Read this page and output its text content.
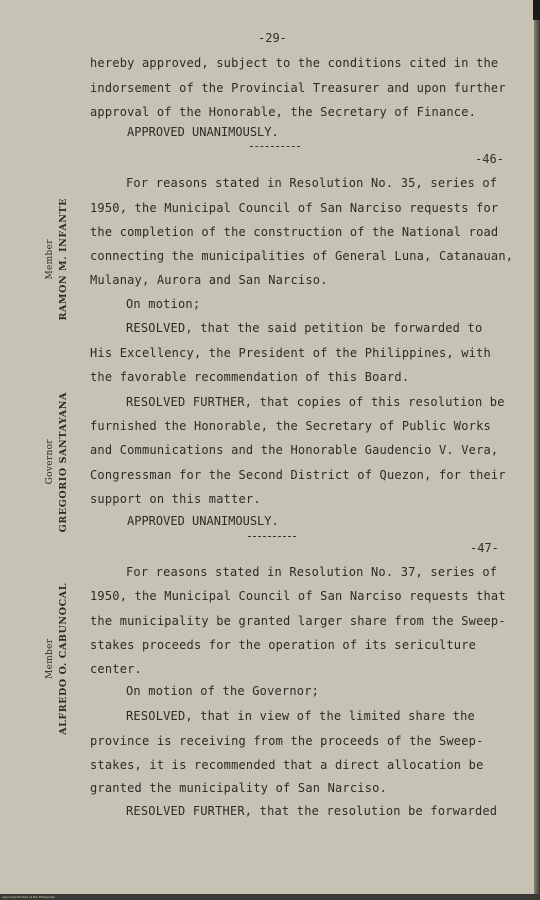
-29-
hereby approved, subject to the conditions cited in the
indorsement of the Provincial Treasurer and upon further
approval of the Honorable, the Secretary of Finance.
APPROVED UNANIMOUSLY.
-46-
For reasons stated in Resolution No. 35, series of
1950, the Municipal Council of San Narciso requests for
the completion of the construction of the National road
connecting the municipalities of General Luna, Catanauan,
Mulanay, Aurora and San Narciso.
On motion;
RESOLVED, that the said petition be forwarded to
His Excellency, the President of the Philippines, with
the favorable recommendation of this Board.
RESOLVED FURTHER, that copies of this resolution be
furnished the Honorable, the Secretary of Public Works
and Communications and the Honorable Gaudencio V. Vera,
Congressman for the Second District of Quezon, for their
support on this matter.
APPROVED UNANIMOUSLY.
-47-
For reasons stated in Resolution No. 37, series of
1950, the Municipal Council of San Narciso requests that
the municipality be granted larger share from the Sweep-
stakes proceeds for the operation of its sericulture
center.
On motion of the Governor;
RESOLVED, that in view of the limited share the
province is receiving from the proceeds of the Sweep-
stakes, it is recommended that a direct allocation be
granted the municipality of San Narciso.
RESOLVED FURTHER, that the resolution be forwarded
RAMON M. INFANTE
Member
GREGORIO SANTAYANA
Governor
ALFREDO O. CABUNOCAL
Member
Approved Printed at the Philippines
